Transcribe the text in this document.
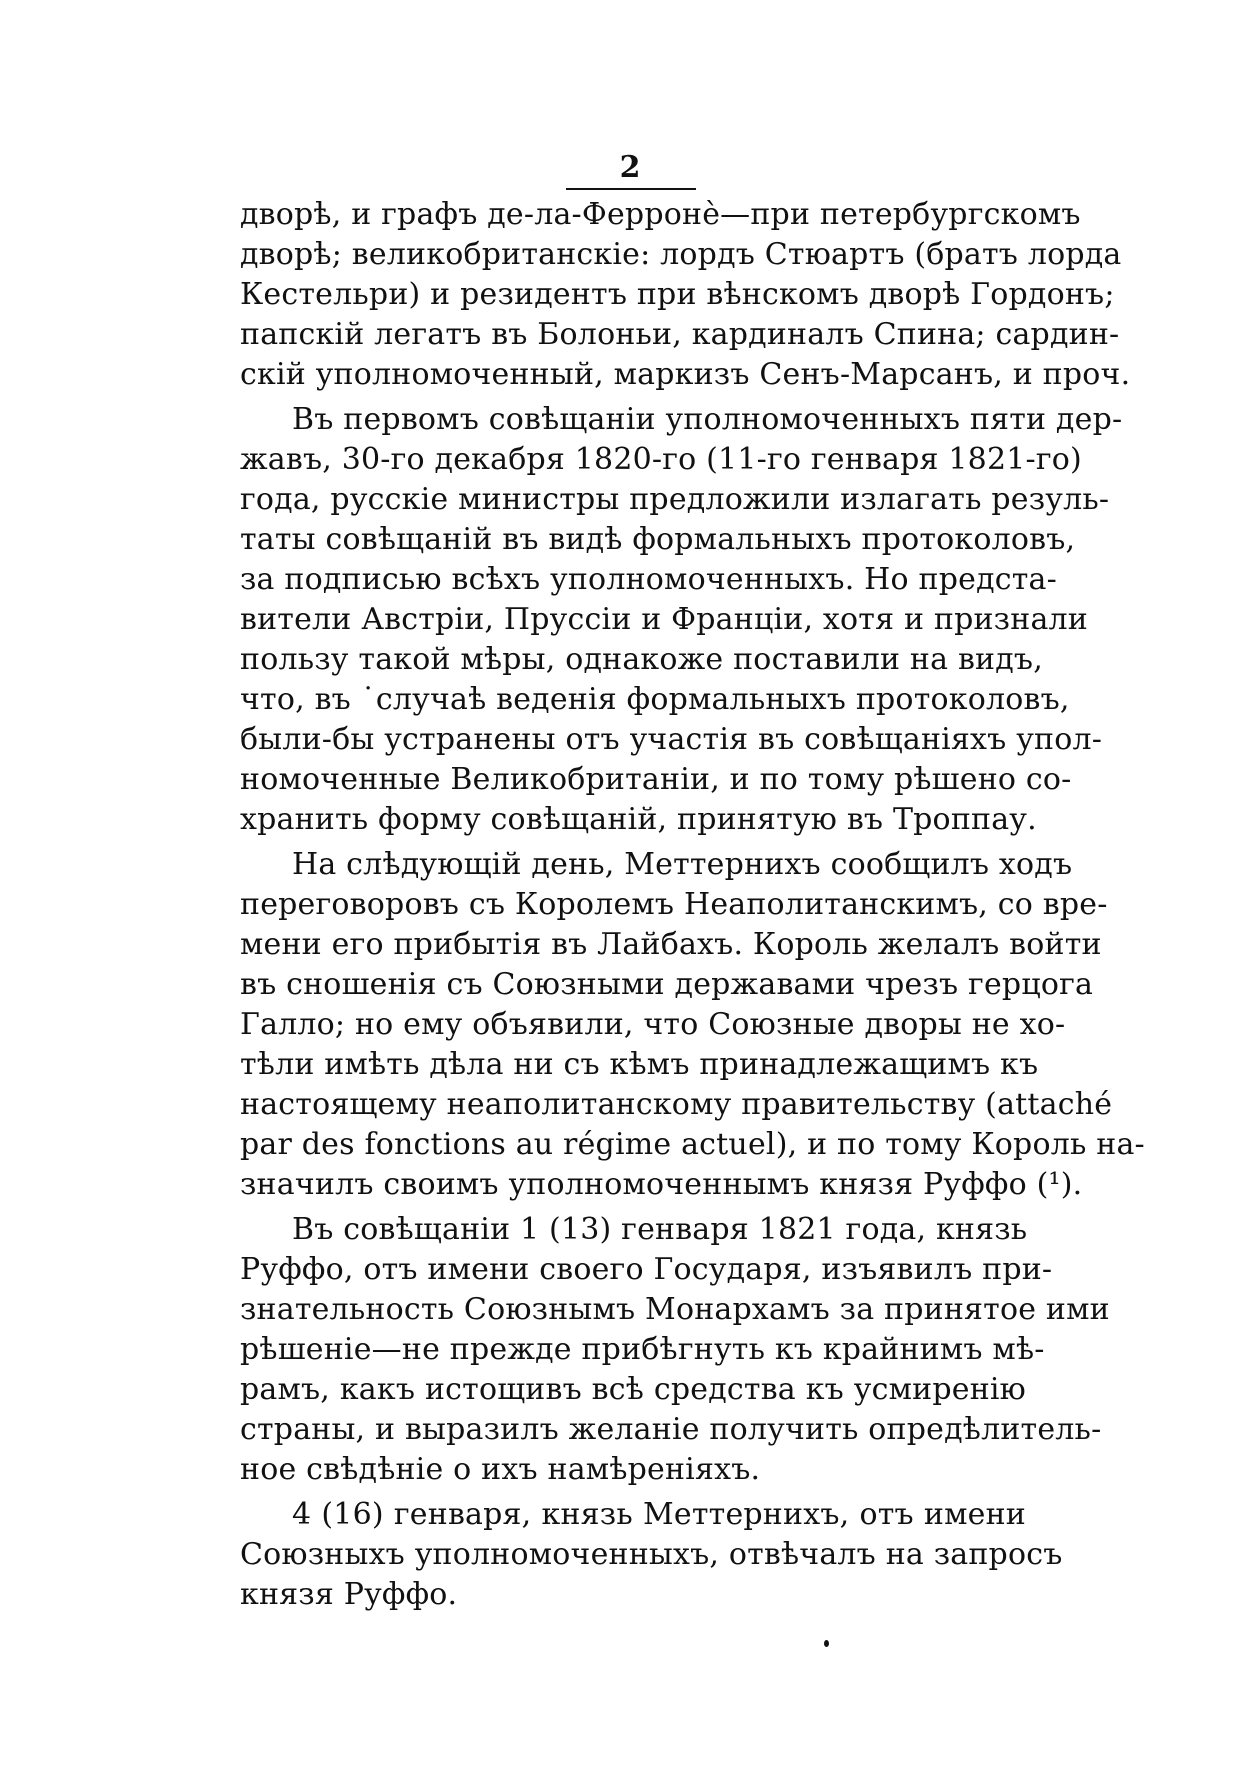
2
дворѣ, и графъ де-ла-Ферронѐ—при петербургскомъ
дворѣ; великобританскіе: лордъ Стюартъ (братъ лорда
Кестельри) и резидентъ при вѣнскомъ дворѣ Гордонъ;
папскій легатъ въ Болоньи, кардиналъ Спина; сардин-
скій уполномоченный, маркизъ Сенъ-Марсанъ, и проч.
Въ первомъ совѣщаніи уполномоченныхъ пяти дер-
жавъ, 30-го декабря 1820-го (11-го генваря 1821-го)
года, русскіе министры предложили излагать резуль-
таты совѣщаній въ видѣ формальныхъ протоколовъ,
за подписью всѣхъ уполномоченныхъ. Но предста-
вители Австріи, Пруссіи и Франціи, хотя и признали
пользу такой мѣры, однакоже поставили на видъ,
что, въ ˙случаѣ веденія формальныхъ протоколовъ,
были-бы устранены отъ участія въ совѣщаніяхъ упол-
номоченные Великобританіи, и по тому рѣшено со-
хранить форму совѣщаній, принятую въ Троппау.
На слѣдующій день, Меттернихъ сообщилъ ходъ
переговоровъ съ Королемъ Неаполитанскимъ, со вре-
мени его прибытія въ Лайбахъ. Король желалъ войти
въ сношенія съ Союзными державами чрезъ герцога
Галло; но ему объявили, что Союзные дворы не хо-
тѣли имѣть дѣла ни съ кѣмъ принадлежащимъ къ
настоящему неаполитанскому правительству (attaché
par des fonctions au régime actuel), и по тому Король на-
значилъ своимъ уполномоченнымъ князя Руффо (¹).
Въ совѣщаніи 1 (13) генваря 1821 года, князь
Руффо, отъ имени своего Государя, изъявилъ при-
знательность Союзнымъ Монархамъ за принятое ими
рѣшеніе—не прежде прибѣгнуть къ крайнимъ мѣ-
рамъ, какъ истощивъ всѣ средства къ усмиренію
страны, и выразилъ желаніе получить опредѣлитель-
ное свѣдѣніе о ихъ намѣреніяхъ.
4 (16) генваря, князь Меттернихъ, отъ имени
Союзныхъ уполномоченныхъ, отвѣчалъ на запросъ
князя Руффо.
